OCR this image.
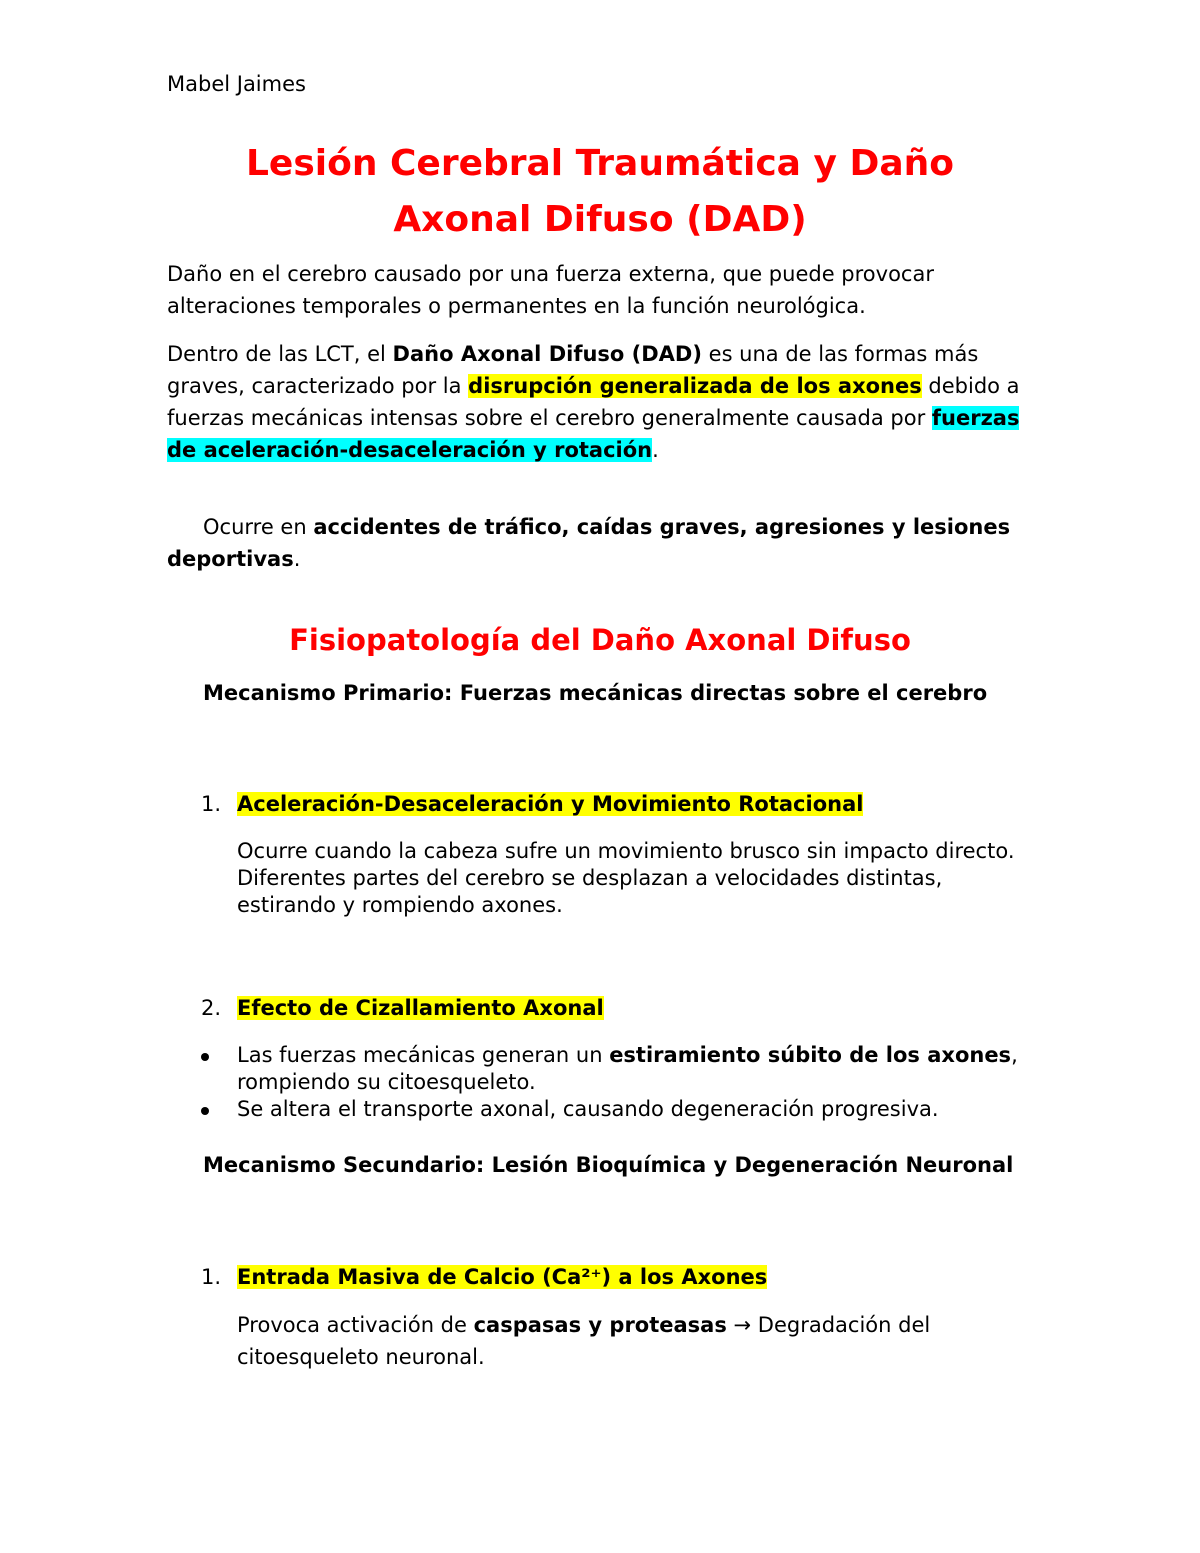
Mabel Jaimes
Lesión Cerebral Traumática y Daño
Axonal Difuso (DAD)
Daño en el cerebro causado por una fuerza externa, que puede provocar alteraciones temporales o permanentes en la función neurológica.
Dentro de las LCT, el Daño Axonal Difuso (DAD) es una de las formas más graves, caracterizado por la disrupción generalizada de los axones debido a fuerzas mecánicas intensas sobre el cerebro generalmente causada por fuerzas de aceleración-desaceleración y rotación.
Ocurre en accidentes de tráfico, caídas graves, agresiones y lesiones deportivas.
Fisiopatología del Daño Axonal Difuso
Mecanismo Primario: Fuerzas mecánicas directas sobre el cerebro
1. Aceleración-Desaceleración y Movimiento Rotacional
Ocurre cuando la cabeza sufre un movimiento brusco sin impacto directo.
Diferentes partes del cerebro se desplazan a velocidades distintas, estirando y rompiendo axones.
2. Efecto de Cizallamiento Axonal
Las fuerzas mecánicas generan un estiramiento súbito de los axones, rompiendo su citoesqueleto.
Se altera el transporte axonal, causando degeneración progresiva.
Mecanismo Secundario: Lesión Bioquímica y Degeneración Neuronal
1. Entrada Masiva de Calcio (Ca²⁺) a los Axones
Provoca activación de caspasas y proteasas → Degradación del citoesqueleto neuronal.
